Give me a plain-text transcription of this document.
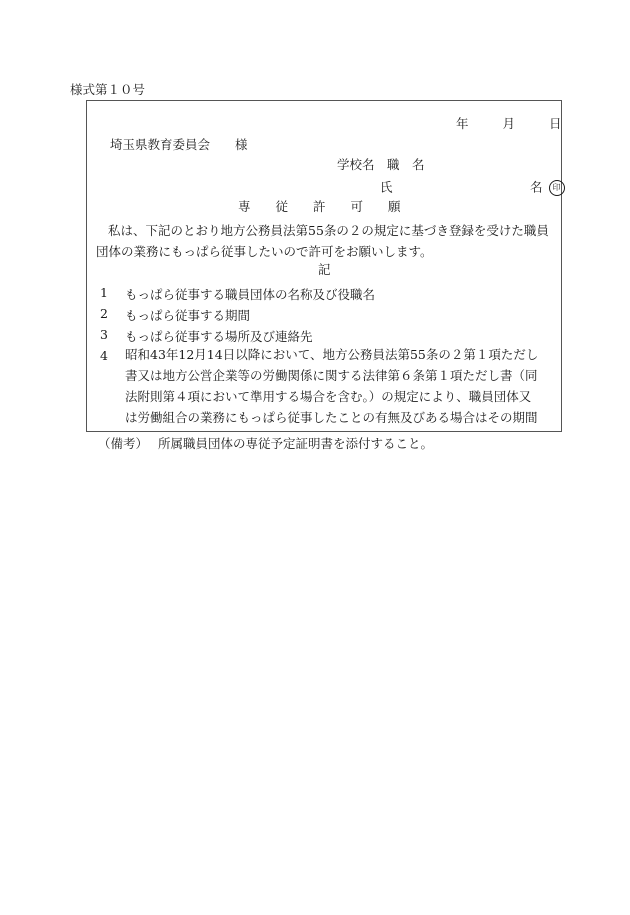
様式第１０号
年	月	日
埼玉県教育委員会　　様
学校名　職　名
氏　　　　　　　　　　　名 印
専　　従　　許　　可　　願
私は、下記のとおり地方公務員法第55条の２の規定に基づき登録を受けた職員団体の業務にもっぱら従事したいので許可をお願いします。
記
1 もっぱら従事する職員団体の名称及び役職名
2 もっぱら従事する期間
3 もっぱら従事する場所及び連絡先
4 昭和43年12月14日以降において、地方公務員法第55条の２第１項ただし
書又は地方公営企業等の労働関係に関する法律第６条第１項ただし書（同
法附則第４項において準用する場合を含む。）の規定により、職員団体又
は労働組合の業務にもっぱら従事したことの有無及びある場合はその期間
（備考） 所属職員団体の専従予定証明書を添付すること。
